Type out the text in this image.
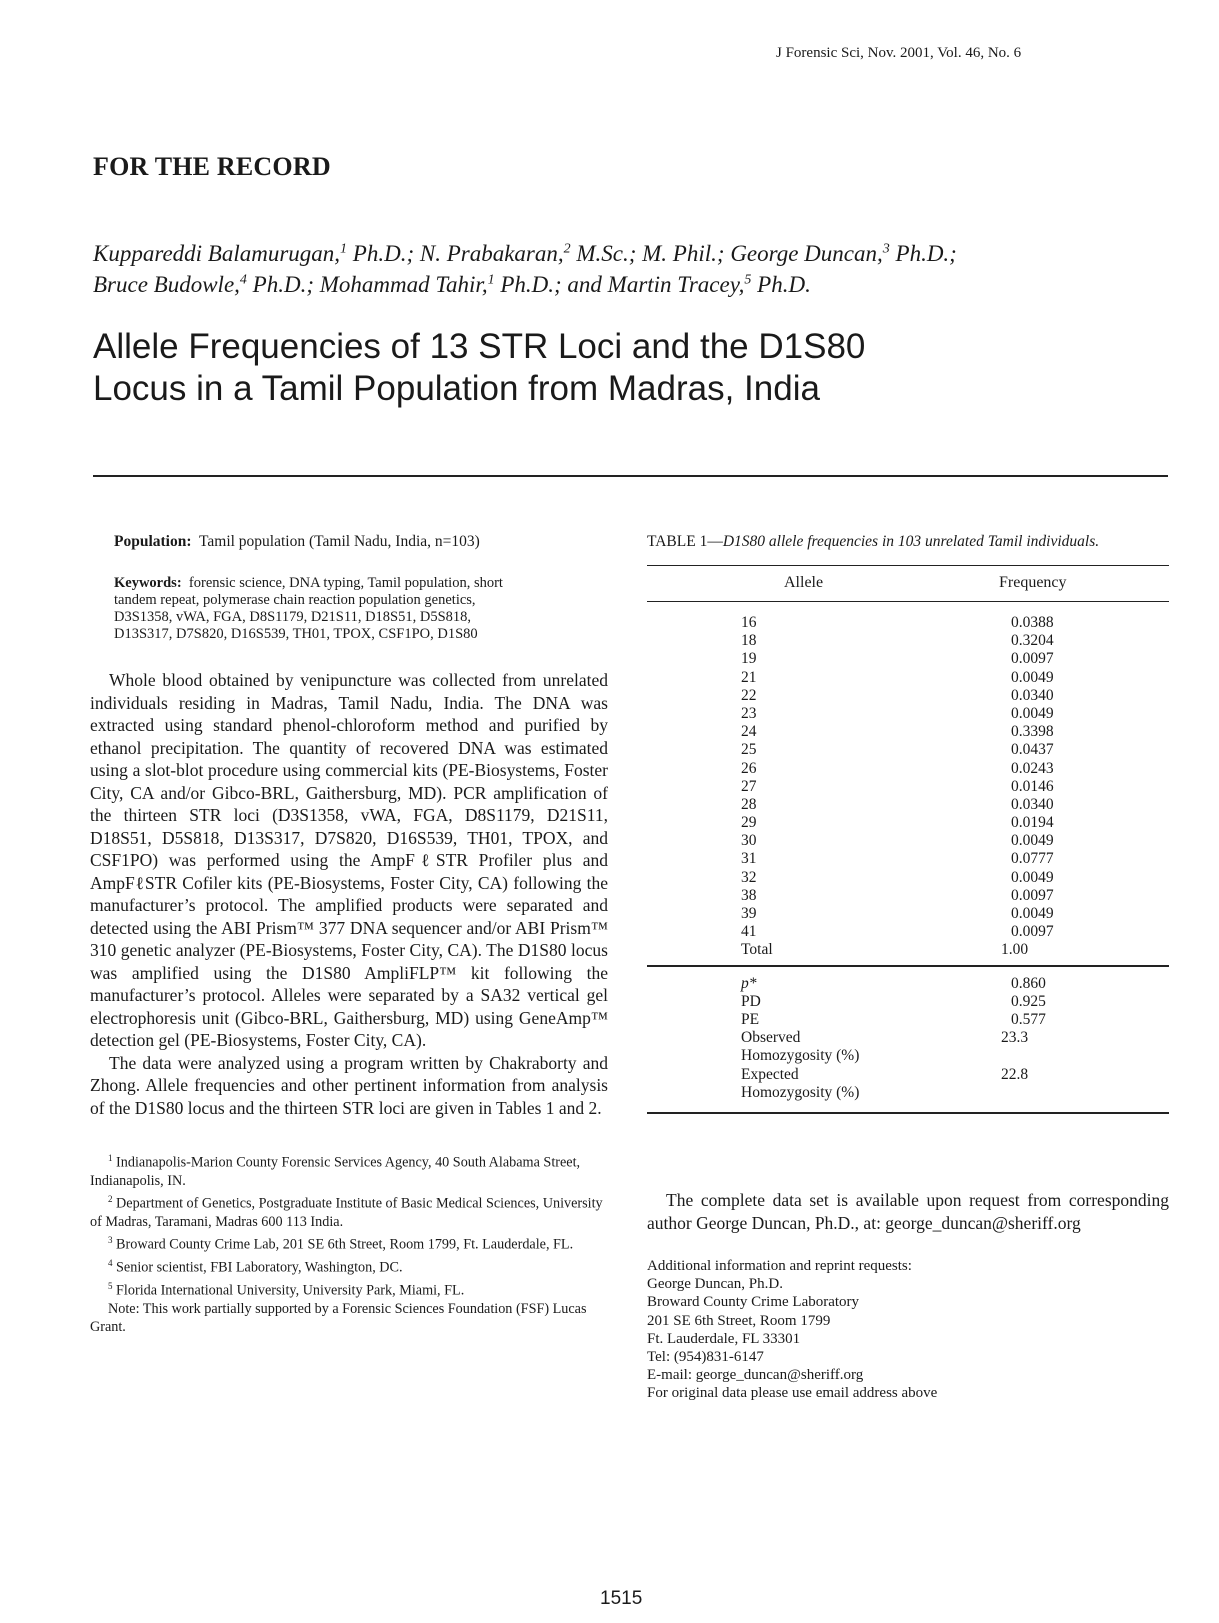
J Forensic Sci, Nov. 2001, Vol. 46, No. 6
FOR THE RECORD
Kuppareddi Balamurugan,$^1$ Ph.D.; N. Prabakaran,$^2$ M.Sc.; M. Phil.; George Duncan,$^3$ Ph.D.;
Bruce Budowle,$^4$ Ph.D.; Mohammad Tahir,$^1$ Ph.D.; and Martin Tracey,$^5$ Ph.D.
Allele Frequencies of 13 STR Loci and the D1S80
Locus in a Tamil Population from Madras, India
Population: Tamil population (Tamil Nadu, India, n=103)
Keywords: forensic science, DNA typing, Tamil population, short
tandem repeat, polymerase chain reaction population genetics,
D3S1358, vWA, FGA, D8S1179, D21S11, D18S51, D5S818,
D13S317, D7S820, D16S539, TH01, TPOX, CSF1PO, D1S80

Whole blood obtained by venipuncture was collected from unrelated individuals residing in Madras, Tamil Nadu, India. The DNA was extracted using standard phenol-chloroform method and purified by ethanol precipitation. The quantity of recovered DNA was estimated using a slot-blot procedure using commercial kits (PE-Biosystems, Foster City, CA and/or Gibco-BRL, Gaithersburg, MD). PCR amplification of the thirteen STR loci (D3S1358, vWA, FGA, D8S1179, D21S11, D18S51, D5S818, D13S317, D7S820, D16S539, TH01, TPOX, and CSF1PO) was performed using the AmpFℓSTR Profiler plus and AmpFℓSTR Cofiler kits (PE-Biosystems, Foster City, CA) following the manufacturer’s protocol. The amplified products were separated and detected using the ABI Prism™ 377 DNA sequencer and/or ABI Prism™ 310 genetic analyzer (PE-Biosystems, Foster City, CA). The D1S80 locus was amplified using the D1S80 AmpliFLP™ kit following the manufacturer’s protocol. Alleles were separated by a SA32 vertical gel electrophoresis unit (Gibco-BRL, Gaithersburg, MD) using GeneAmp™ detection gel (PE-Biosystems, Foster City, CA).

The data were analyzed using a program written by Chakraborty and Zhong. Allele frequencies and other pertinent information from analysis of the D1S80 locus and the thirteen STR loci are given in Tables 1 and 2.

$^1$ Indianapolis-Marion County Forensic Services Agency, 40 South Alabama Street, Indianapolis, IN.

$^2$ Department of Genetics, Postgraduate Institute of Basic Medical Sciences, University of Madras, Taramani, Madras 600 113 India.

$^3$ Broward County Crime Lab, 201 SE 6th Street, Room 1799, Ft. Lauderdale, FL.

$^4$ Senior scientist, FBI Laboratory, Washington, DC.

$^5$ Florida International University, University Park, Miami, FL.

Note: This work partially supported by a Forensic Sciences Foundation (FSF) Lucas Grant.

TABLE 1—D1S80 allele frequencies in 103 unrelated Tamil individuals.
Allele	Frequency
16	0.0388
18	0.3204
19	0.0097
21	0.0049
22	0.0340
23	0.0049
24	0.3398
25	0.0437
26	0.0243
27	0.0146
28	0.0340
29	0.0194
30	0.0049
31	0.0777
32	0.0049
38	0.0097
39	0.0049
41	0.0097
Total	1.00
p*	0.860
PD	0.925
PE	0.577
Observed	23.3
Homozygosity (%)
Expected	22.8
Homozygosity (%)

The complete data set is available upon request from corresponding author George Duncan, Ph.D., at: george_duncan@sheriff.org

Additional information and reprint requests:
George Duncan, Ph.D.
Broward County Crime Laboratory
201 SE 6th Street, Room 1799
Ft. Lauderdale, FL 33301
Tel: (954)831-6147
E-mail: george_duncan@sheriff.org
For original data please use email address above
1515
